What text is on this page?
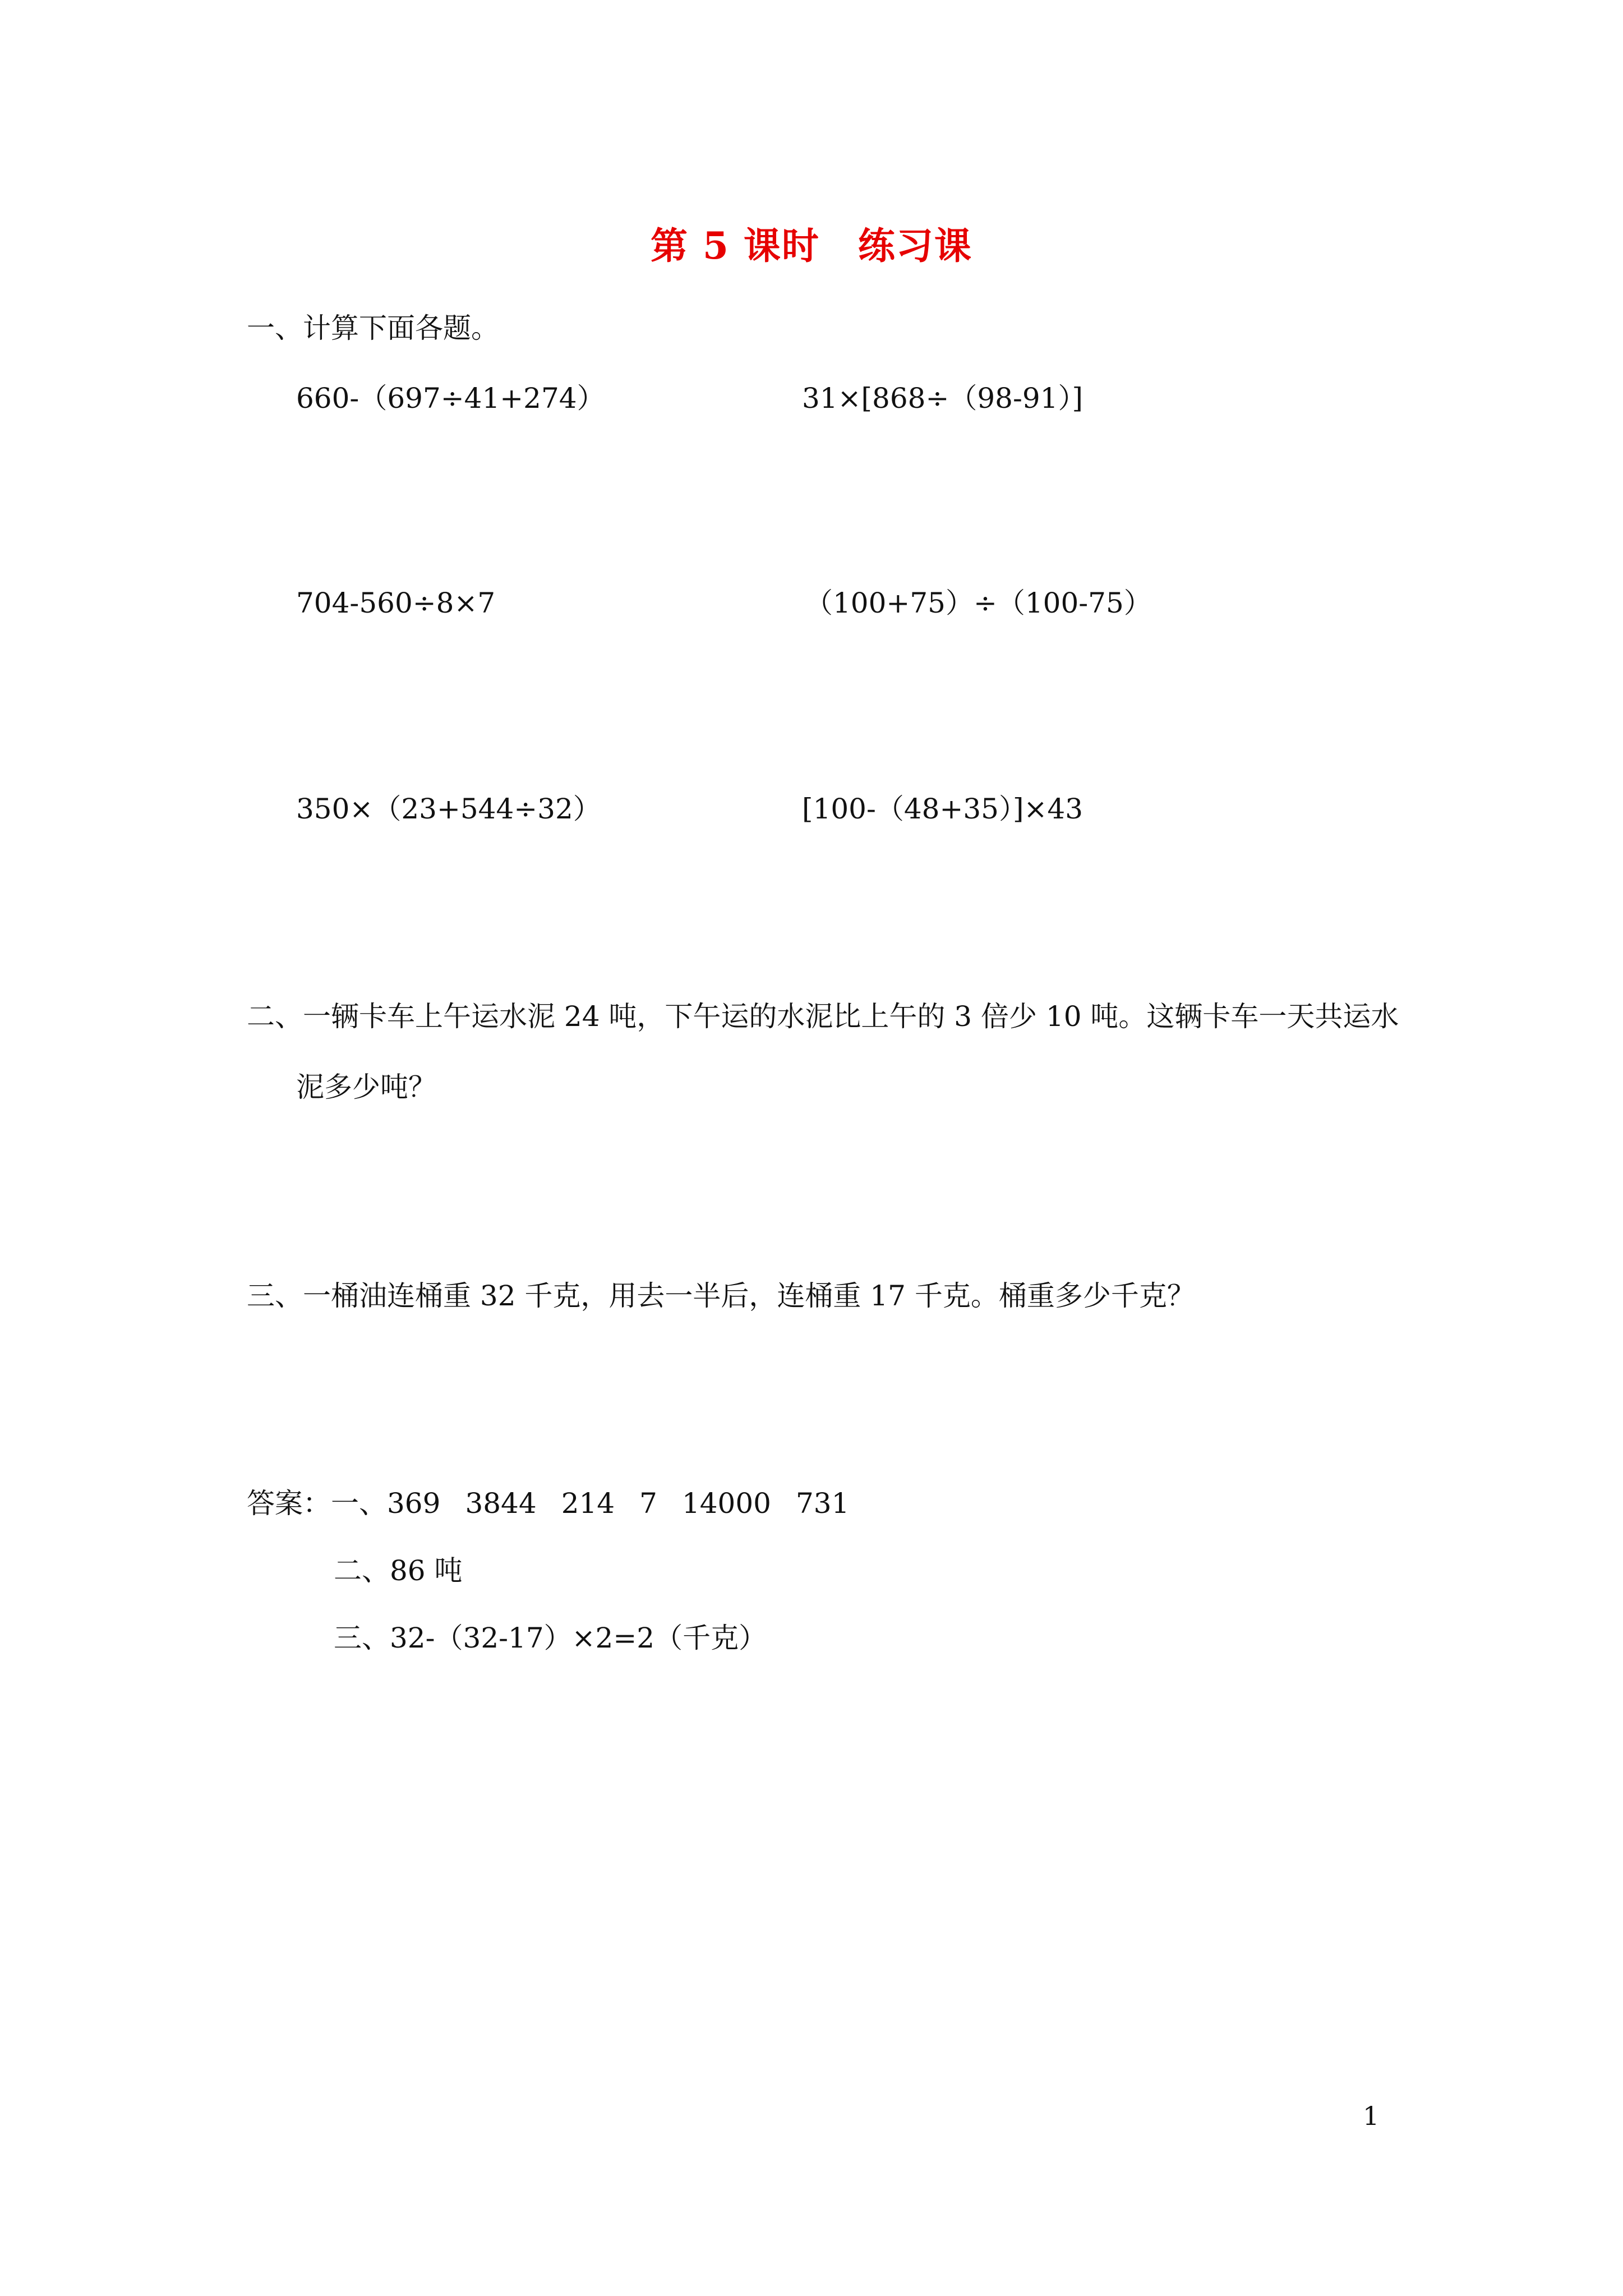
第 5 课时　练习课
一、计算下面各题。
660-（697÷41+274）	31×[868÷（98-91）]
704-560÷8×7	（100+75）÷（100-75）
350×（23+544÷32）	[100-（48+35）]×43
二、一辆卡车上午运水泥 24 吨，下午运的水泥比上午的 3 倍少 10 吨。这辆卡车一天共运水
泥多少吨？
三、一桶油连桶重 32 千克，用去一半后，连桶重 17 千克。桶重多少千克？
答案：一、369 3844 214 7 14000 731
二、86 吨
三、32-（32-17）×2=2（千克）
1
